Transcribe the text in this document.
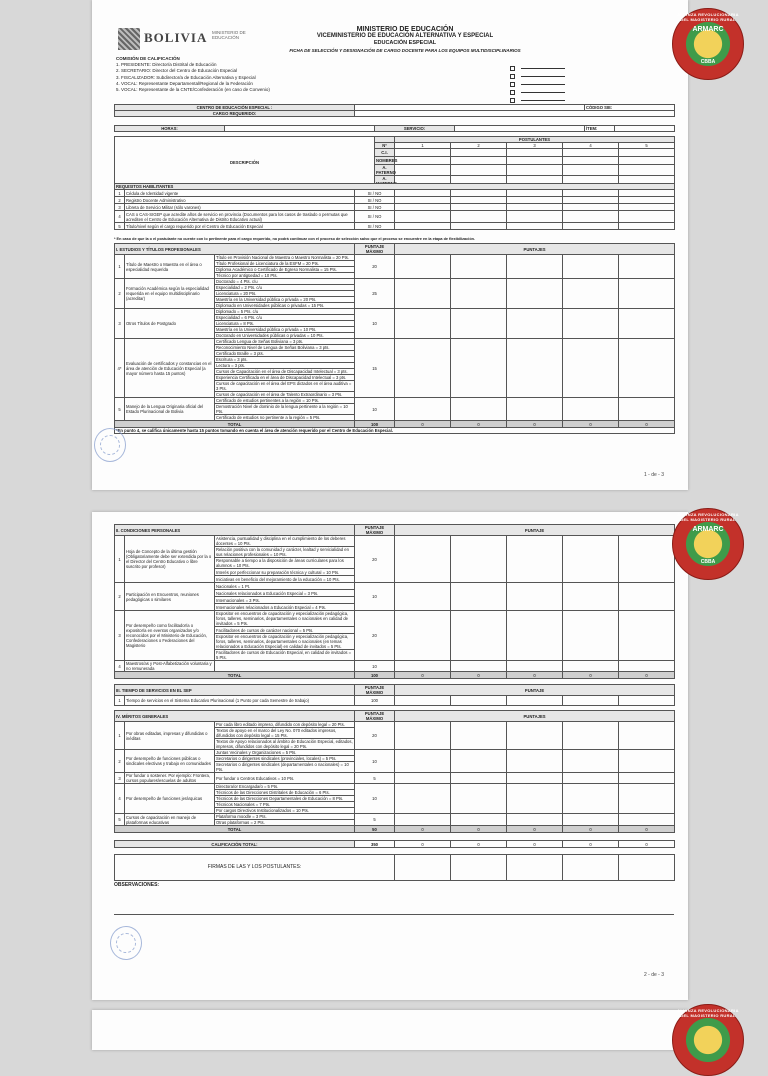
BOLIVIA MINISTERIO DE EDUCACIÓN
MINISTERIO DE EDUCACIÓN
VICEMINISTERIO DE EDUCACIÓN ALTERNATIVA Y ESPECIAL
EDUCACIÓN ESPECIAL
FICHA DE SELECCIÓN Y DESIGNACIÓN DE CARGO DOCENTE PARA LOS EQUIPOS MULTIDISCIPLINARIOS
COMISIÓN DE CALIFICACIÓN
1. PRESIDENTE: Director/a Distrital de Educación
2. SECRETARIO: Director del Centro de Educación Especial
3. FISCALIZADOR: Subdirector/a de Educación Alternativa y Especial
4. VOCAL: Representante Departamental/Regional de la Federación
5. VOCAL: Representante de la CNTE/Confederación (en caso de Convenio)
CENTRO DE EDUCACIÓN ESPECIAL :		CÓDIGO SIE:
CARGO REQUERIDO:		
HORAS:		SERVICIO:		ÍTEM:	
DESCRIPCIÓN		POSTULANTES				
	Nº	1	2	3	4	5
	C.I.					
	NOMBRES					
	A. PATERNO					
	A.					

REQUISITOS HABILITANTES							
1	Cédula de Identidad vigente	SI / NO					
2	Registro Docente Administrativo	SI / NO					
3	Libreta de Servicio Militar (sólo varones)	SI / NO					
4	CAS o CAS-SIGEP que acredite años de servicio en provincia (Documentos para los casos de traslado o permutas que acrediten el Centro de Educación Alternativa de Distrito Educativo actual)	SI / NO					
5	Título/nivel según el cargo requerido por el Centro de Educación Especial	SI / NO					
* En caso de que la o el postulante no cuente con lo pertinente para el cargo requerido, no podrá continuar con el proceso de selección salvo que el proceso se encuentre en la etapa de flexibilización.
I. ESTUDIOS Y TÍTULOS PROFESIONALES			PUNTAJE MÁXIMO	PUNTAJES				
1	Título de Maestro o Maestra en el área o especialidad requerida	Título en Provisión Nacional de Maestra o Maestro Normalista = 20 Pts.	20					
		Título Profesional de Licenciatura de la ESFM = 20 Pts.						
		Diploma Académico o Certificado de Egreso Normalista = 15 Pts.						
		Técnico por antigüedad = 10 Pts.						
2	Formación Académica según la especialidad requerida en el equipo multidisciplinario (acreditar)	Doctorado = 4 Pts. c/u	25					
		Especialidad = 2 Pts. c/u						
		Licenciatura = 20 Pts.						
		Maestría en la Universidad pública o privada = 20 Pts.						
		Diplomado en Universidades públicas o privadas = 15 Pts.						
3	Otros Títulos de Postgrado	Diplomado = 5 Pts. c/u	10					
		Especialidad = 6 Pts. c/u						
		Licenciatura = 8 Pts.						
		Maestría en la Universidad pública o privada = 10 Pts.						
		Doctorado en Universidades públicas o privadas = 10 Pts.						
4*	Evaluación de certificados y constancias en el área de atención de Educación Especial (a mayor número hasta 15 puntos)	Certificado Lengua de Señas Boliviana = 3 pts.	15					
		Reconocimiento Nivel de Lengua de Señas Boliviana = 3 pts.						
		Certificado Braille = 3 pts.						
		Escritura = 3 pts.						
		Lectura = 3 pts.						
		Cursos de Capacitación en el área de Discapacidad Intelectual = 3 pts.						
		Experiencia Certificada en el área de Discapacidad Intelectual = 3 pts.						
		Cursos de capacitación en el área del EPS dictados en el área auditiva = 3 Pts.						
		Cursos de capacitación en el área de Talento Extraordinario = 3 Pts.						
5	Manejo de la Lengua Originaria oficial del Estado Plurinacional de Bolivia	Certificado de estudios pertinentes a la región = 10 Pts.	10					
		Demostración Nivel de dominio de la lengua pertinente a la región = 10 Pts.						
		Certificado de estudios no pertinente a la región = 5 Pts.						
TOTAL			100	0	0	0	0	0
*En punto 4, se califica únicamente hasta 15 puntos tomando en cuenta el área de atención requerido por el Centro de Educación Especial.								
1 - de - 3
II. CONDICIONES PERSONALES			PUNTAJE MÁXIMO	PUNTAJE				
1	Hoja de Concepto de la última gestión (Obligatoriamente debe ser extendida por la o el Director del Centro Educativo o libre suscrito por profesor)	Asistencia, puntualidad y disciplina en el cumplimiento de los deberes docentes = 10 Pts.	20					
		Relación positiva con la comunidad y carácter, lealtad y servicialidad en sus relaciones profesionales = 10 Pts.						
		Responsable a tiempo a la disposición de áreas curriculares para los alumnos = 10 Pts.						
		Interés por perfeccionar su preparación técnica y cultural = 10 Pts.						
		Iniciativas en beneficio del mejoramiento de la educación = 10 Pts.						
2	Participación en Encuentros, reuniones pedagógicas o similares	Nacionales = 1 Pt.	10					
		Nacionales relacionados a Educación Especial = 3 Pts.						
		Internacionales = 3 Pts.						
		Internacionales relacionados a Educación Especial = 4 Pts.						
3	Por desempeño como facilitador/a o expositor/a en eventos organizados y/o reconocidos por el Ministerio de Educación, Confederaciones o Federaciones del Magisterio	Expositor en encuentros de capacitación y especialización pedagógica, foros, talleres, seminarios, departamentales o nacionales en calidad de invitados = 5 Pts.	20					
		Facilitadores de cursos de carácter nacional = 5 Pts.						
		Expositor en encuentros de capacitación y especialización pedagógica, foros, talleres, seminarios, departamentales o nacionales (en temas relacionados a Educación Especial) en calidad de invitados = 5 Pts.						
		Facilitadores de cursos de Educación Especial, en calidad de invitados = 5 Pts.						
4	Maestros/as y Post-Alfabetización voluntaria y no remunerada		10					
TOTAL			100	0	0	0	0	0
III. TIEMPO DE SERVICIOS EN EL SEP		PUNTAJE MÁXIMO	PUNTAJE				
1	Tiempo de servicios en el Sistema Educativo Plurinacional (1 Punto por cada Semestre de trabajo)	100					
IV. MÉRITOS GENERALES			PUNTAJE MÁXIMO	PUNTAJES				
1	Por obras editadas, impresas y difundidas o inéditas	Por cada libro editado impreso, difundido con depósito legal = 20 Pts.	20					
		Textos de apoyo en el marco del Ley No. 070 editados impresos, difundidos con depósito legal = 15 Pts.						
		Textos de Apoyo relacionados al ámbito de Educación Especial, editados, impresos, difundidos con depósito legal = 20 Pts.						
2	Por desempeño de funciones públicas o sindicales electivas y trabajo en comunidades	Juntas Vecinales y Organizaciones = 5 Pts.	10					
		Secretarios o dirigentes sindicales (provinciales, locales) = 5 Pts.						
		Secretarios o dirigentes sindicales (departamentales o nacionales) = 10 Pts.						
3	Por fundar o sostener. Por ejemplo: Frontera, cursos populares/escuelas de adultos	Por fundar o Centros Educativos = 10 Pts.	5					
4	Por desempeño de funciones jerárquicas	Directora/or Encargada/o = 5 Pts.	10					
		Técnicos de las Direcciones Distritales de Educación = 6 Pts.						
		Técnicos de las Direcciones Departamentales de Educación = 8 Pts.						
		Técnicos Nacionales = 7 Pts.						
		Por cargos Directivos Institucionalizados = 10 Pts.						
5	Cursos de capacitación en manejo de plataformas educativas	Plataforma moodle = 3 Pts.	5					
		Otras plataformas = 2 Pts.						
TOTAL			50	0	0	0	0	0
CALIFICACIÓN TOTAL:	350	0	0	0	0	0
FIRMAS DE LAS Y LOS POSTULANTES:					
OBSERVACIONES:
2 - de - 3
ALIANZA REVOLUCIONARIA DEL MAGISTERIO RURAL
ARMARC
CBBA
ALIANZA REVOLUCIONARIA DEL MAGISTERIO RURAL
ARMARC
CBBA
ALIANZA REVOLUCIONARIA DEL MAGISTERIO RURAL
